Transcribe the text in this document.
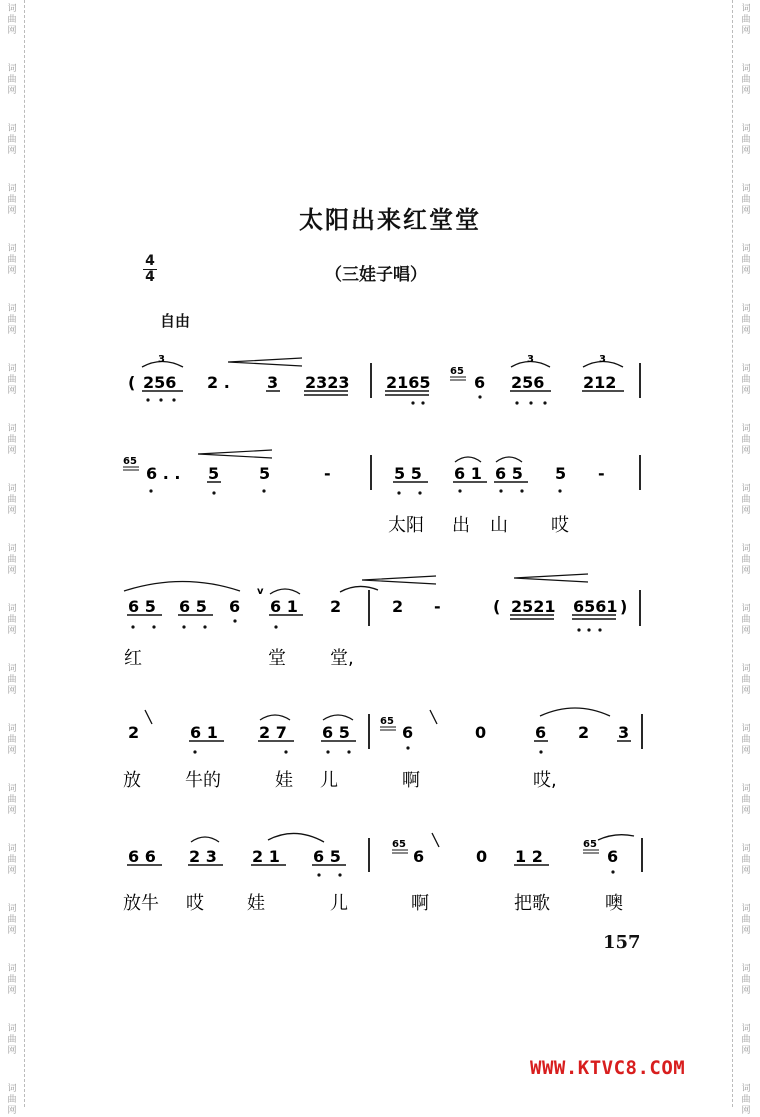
词
曲
网
词
曲
网
词
曲
网
词
曲
网
词
曲
网
词
曲
网
词
曲
网
词
曲
网
词
曲
网
词
曲
网
词
曲
网
词
曲
网
词
曲
网
词
曲
网
词
曲
网
词
曲
网
词
曲
网
词
曲
网
词
曲
网
词
曲
网
词
曲
网
词
曲
网
词
曲
网
词
曲
网
词
曲
网
词
曲
网
词
曲
网
词
曲
网
词
曲
网
词
曲
网
词
曲
网
词
曲
网
词
曲
网
词
曲
网
词
曲
网
词
曲
网
词
曲
网
词
曲
网
太阳出来红堂堂
4
4	（三娃子唱）
自由
(
3
256 2 . 3 2323 2165
65
6
3
256
3
212
65
6 . . 5 5	-	5 5 6 1 6 5 5 -
太阳 出 山 哎
6 5 6 5 6
v
6 1 2	2 -	( 2521 6561 )
红	堂 堂,
2	6 1	2 7 6 5
65
6	0	6 2 3
放 牛的	娃 儿	啊	哎,
6 6 2 3 2 1 6 5
65
6	0 1 2
65
6
放牛 哎 娃	儿	啊	把歌	噢
157
WWW.KTVC8.COM
